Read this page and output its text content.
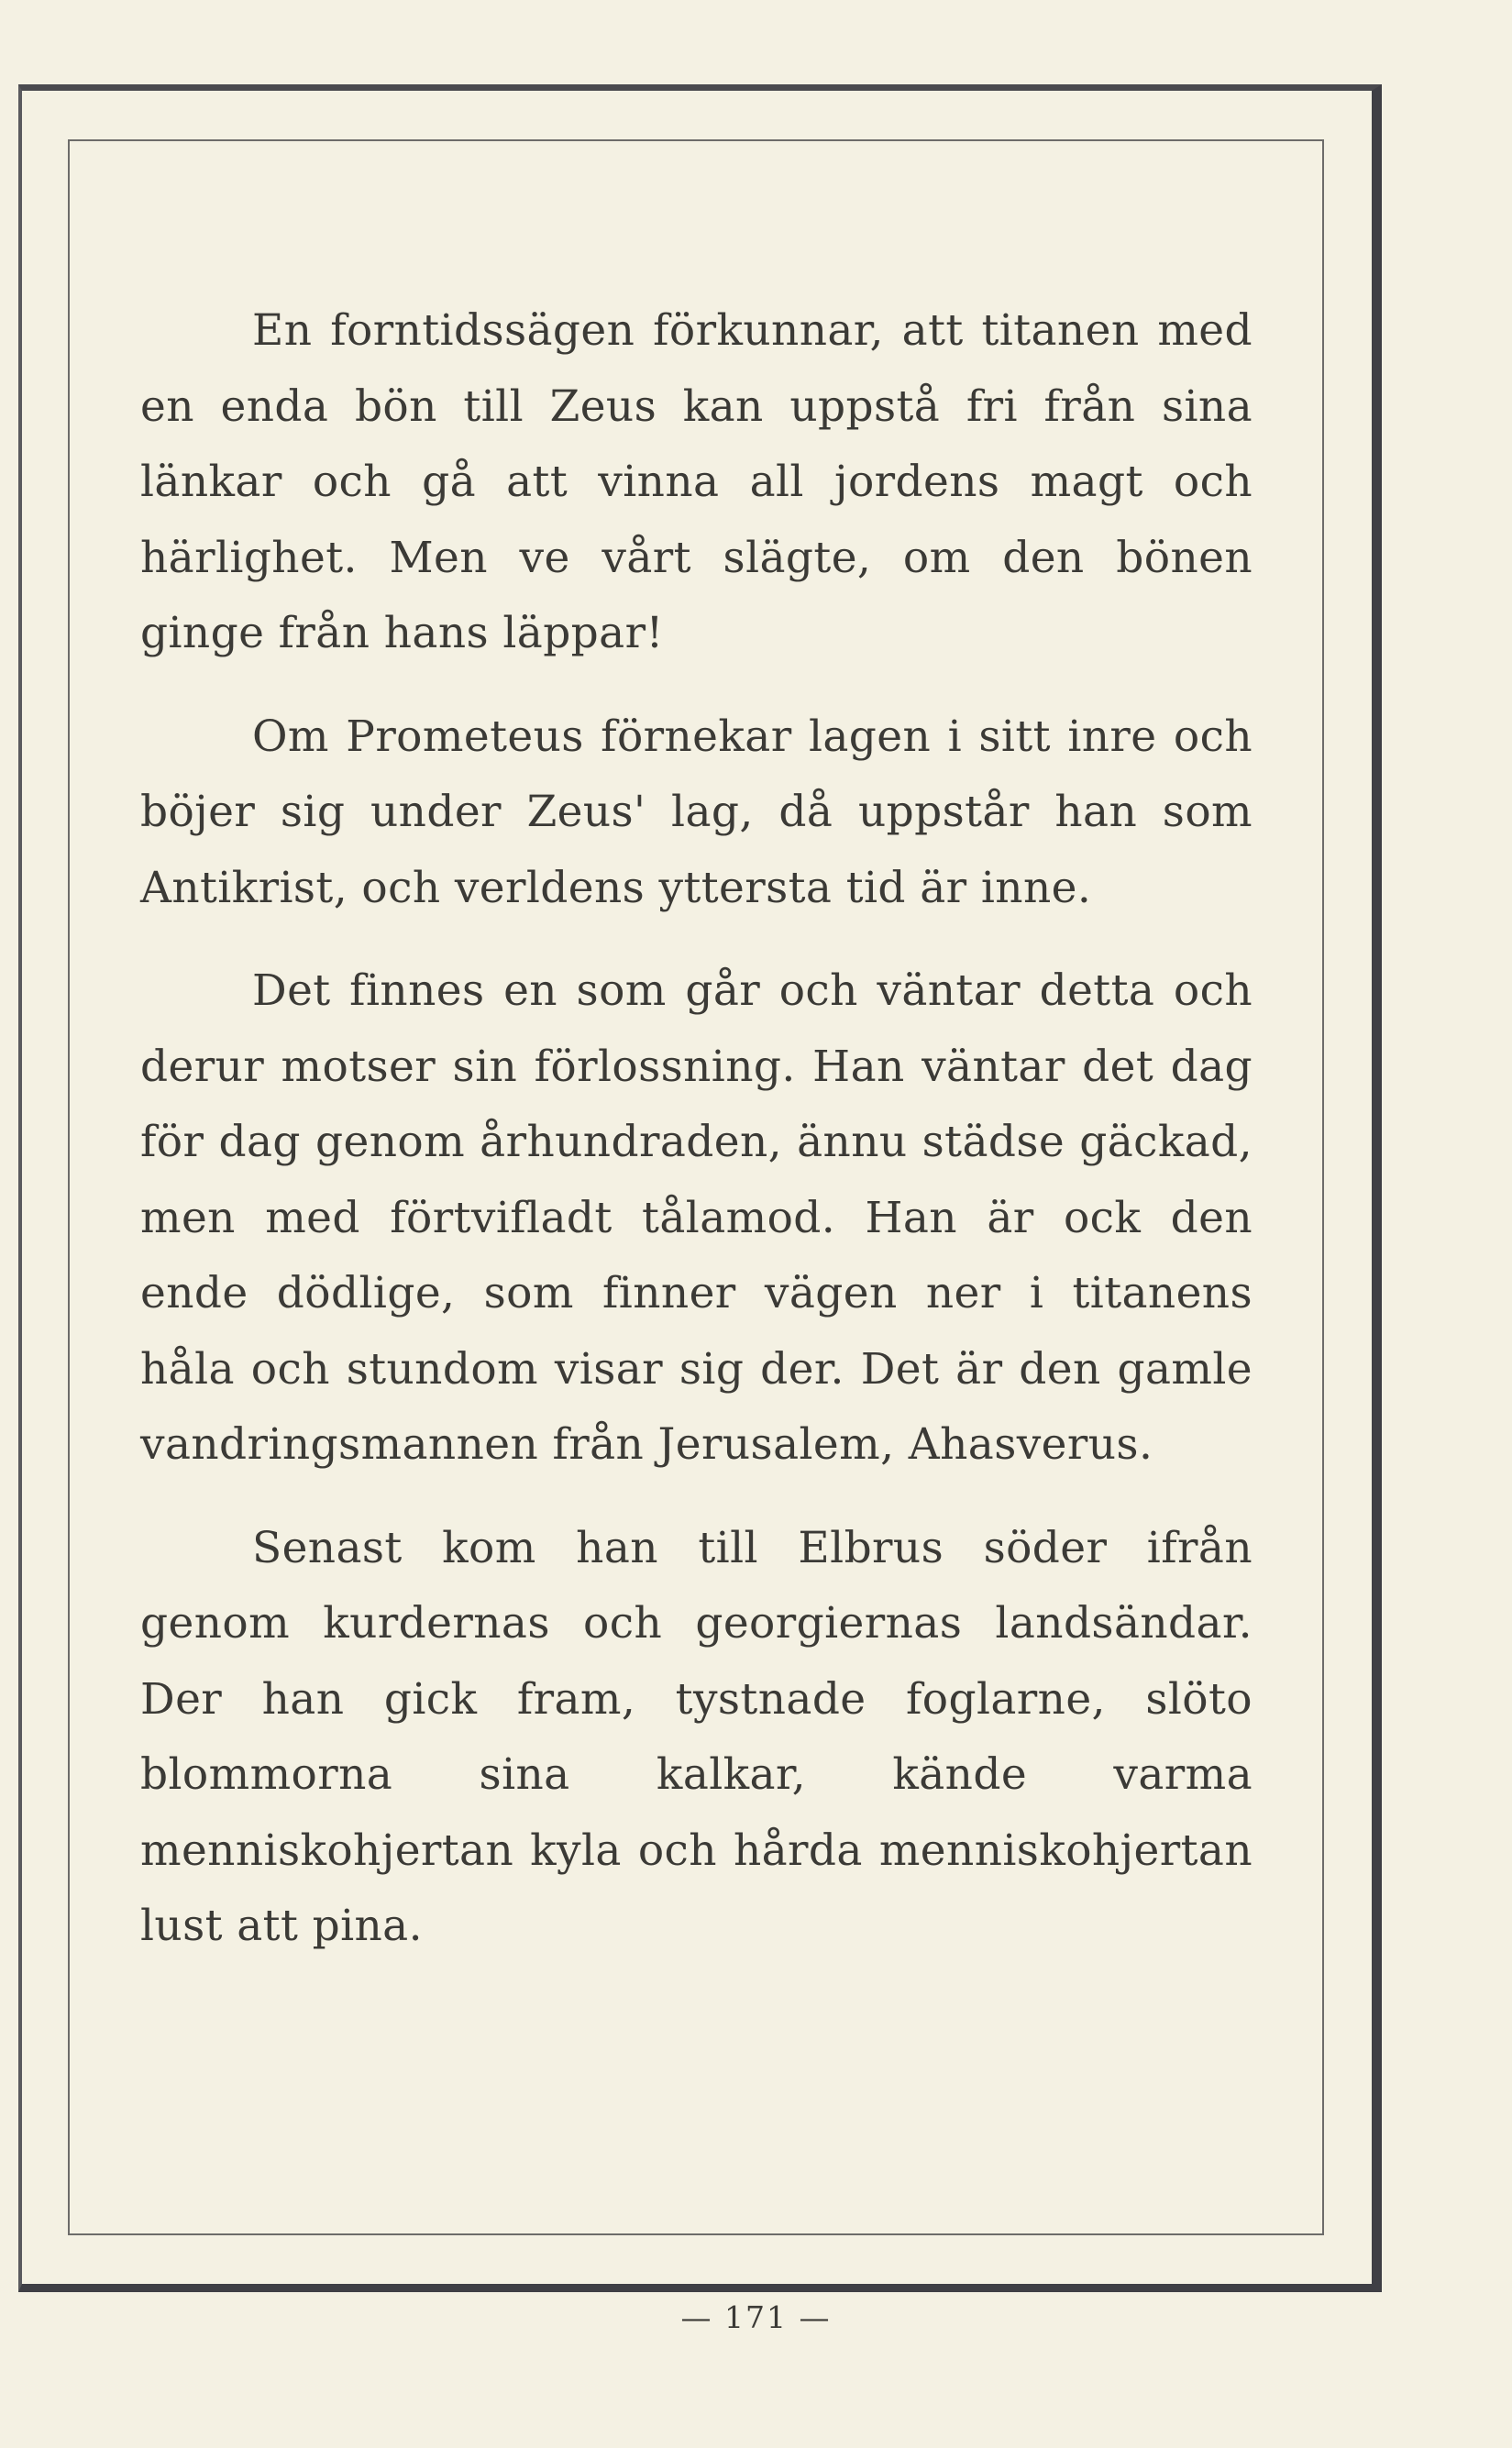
En forntidssägen förkunnar, att titanen med en enda bön till Zeus kan uppstå fri från sina länkar och gå att vinna all jordens magt och härlighet. Men ve vårt slägte, om den bönen ginge från hans läppar!

Om Prometeus förnekar lagen i sitt inre och böjer sig under Zeus' lag, då uppstår han som Antikrist, och verldens yttersta tid är inne.

Det finnes en som går och väntar detta och derur motser sin förlossning. Han väntar det dag för dag genom århundraden, ännu städse gäckad, men med förtvifladt tålamod. Han är ock den ende dödlige, som finner vägen ner i titanens håla och stundom visar sig der. Det är den gamle vandringsmannen från Jerusalem, Ahasverus.

Senast kom han till Elbrus söder ifrån genom kurdernas och georgiernas landsändar. Der han gick fram, tystnade foglarne, slöto blommorna sina kalkar, kände varma menniskohjertan kyla och hårda menniskohjertan lust att pina.

— 171 —
